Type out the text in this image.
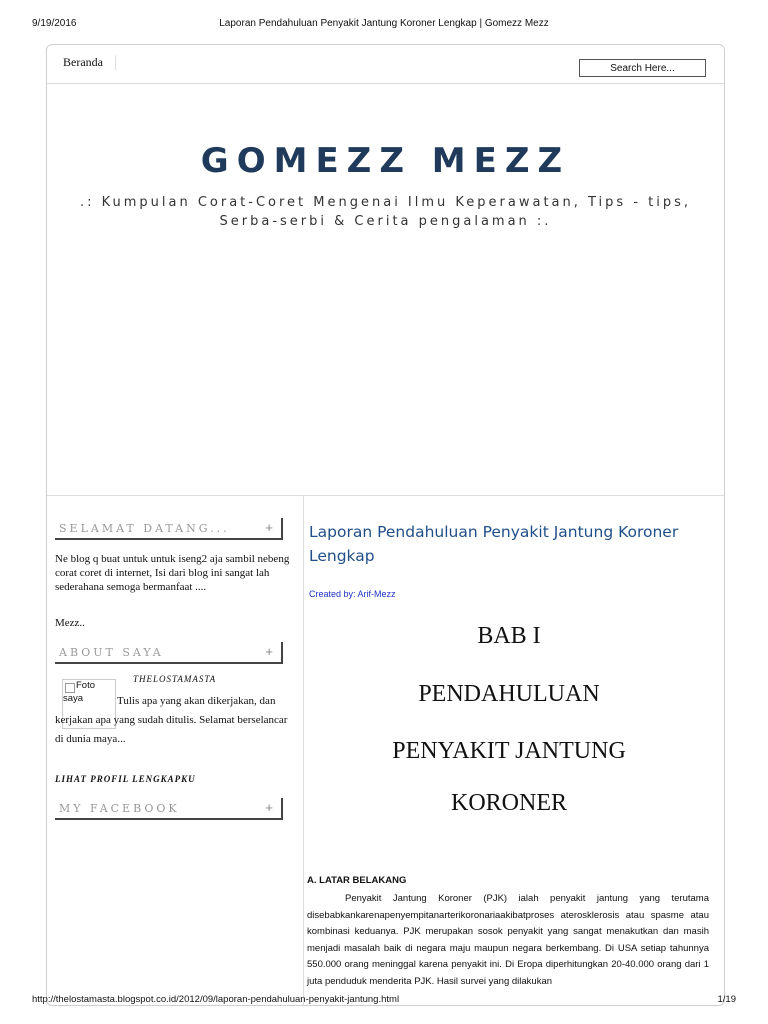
9/19/2016	Laporan Pendahuluan Penyakit Jantung Koroner Lengkap | Gomezz Mezz
Beranda	Search Here...
GOMEZZ MEZZ
.: Kumpulan Corat-Coret Mengenai Ilmu Keperawatan, Tips - tips, Serba-serbi & Cerita pengalaman :.
SELAMAT DATANG...	+
Ne blog q buat untuk untuk iseng2 aja sambil nebeng corat coret di internet, Isi dari blog ini sangat lah sederahana semoga bermanfaat ....
Mezz..
ABOUT SAYA	+
THELOSTAMASTA
Foto saya	Tulis apa yang akan dikerjakan, dan kerjakan apa yang sudah ditulis. Selamat berselancar di dunia maya...
LIHAT PROFIL LENGKAPKU
MY FACEBOOK	+
Laporan Pendahuluan Penyakit Jantung Koroner Lengkap
Created by: Arif-Mezz
BAB I
PENDAHULUAN
PENYAKIT JANTUNG
KORONER
A. LATAR BELAKANG
Penyakit Jantung Koroner (PJK) ialah penyakit jantung yang terutama disebabkankarenapenyempitanarterikoronariaakibatproses aterosklerosis atau spasme atau kombinasi keduanya. PJK merupakan sosok penyakit yang sangat menakutkan dan masih menjadi masalah baik di negara maju maupun negara berkembang. Di USA setiap tahunnya 550.000 orang meninggal karena penyakit ini. Di Eropa diperhitungkan 20-40.000 orang dari 1 juta penduduk menderita PJK. Hasil survei yang dilakukan
http://thelostamasta.blogspot.co.id/2012/09/laporan-pendahuluan-penyakit-jantung.html	1/19
